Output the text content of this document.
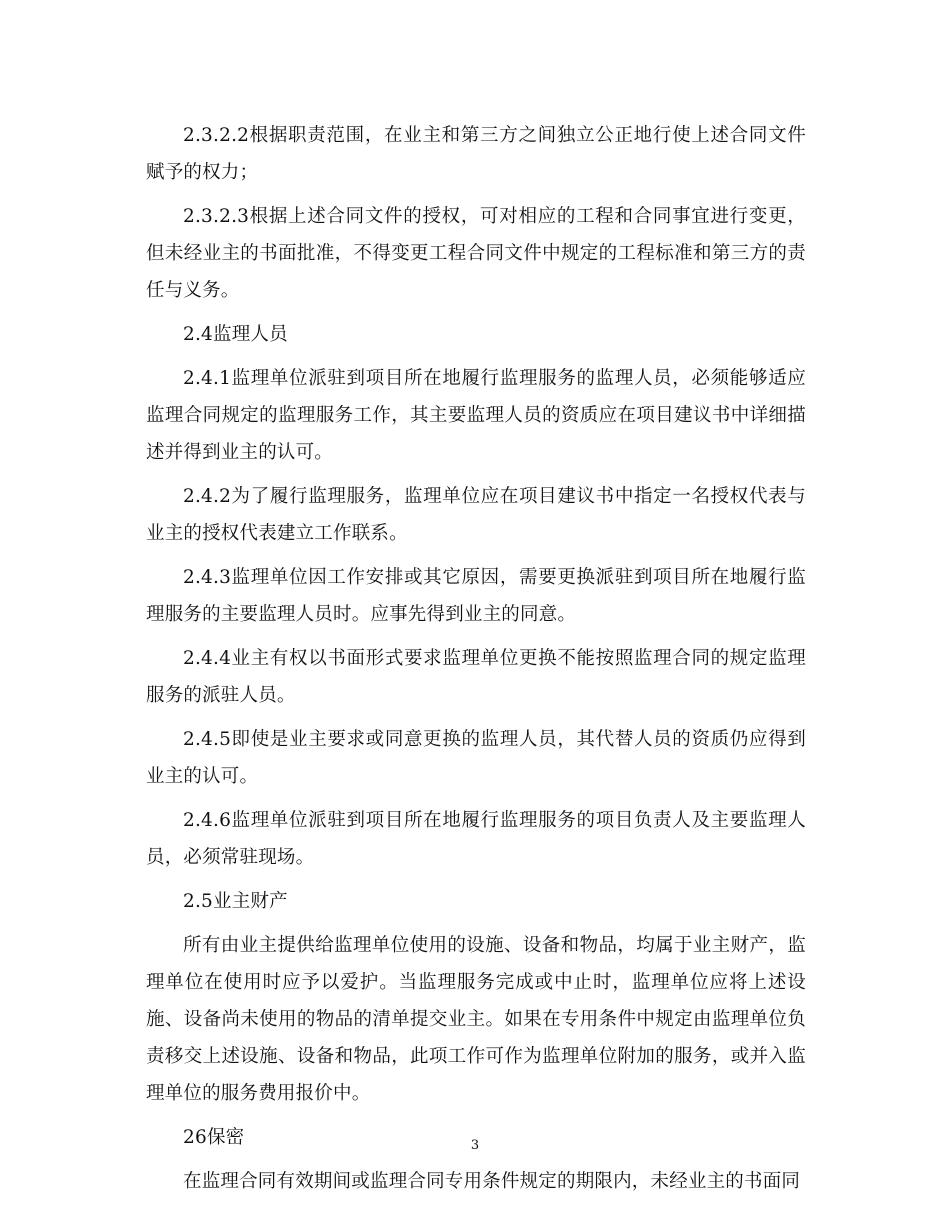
2.3.2.2根据职责范围，在业主和第三方之间独立公正地行使上述合同文件赋予的权力；

2.3.2.3根据上述合同文件的授权，可对相应的工程和合同事宜进行变更，但未经业主的书面批准，不得变更工程合同文件中规定的工程标准和第三方的责任与义务。

2.4监理人员

2.4.1监理单位派驻到项目所在地履行监理服务的监理人员，必须能够适应监理合同规定的监理服务工作，其主要监理人员的资质应在项目建议书中详细描述并得到业主的认可。

2.4.2为了履行监理服务，监理单位应在项目建议书中指定一名授权代表与业主的授权代表建立工作联系。

2.4.3监理单位因工作安排或其它原因，需要更换派驻到项目所在地履行监理服务的主要监理人员时。应事先得到业主的同意。

2.4.4业主有权以书面形式要求监理单位更换不能按照监理合同的规定监理服务的派驻人员。

2.4.5即使是业主要求或同意更换的监理人员，其代替人员的资质仍应得到业主的认可。

2.4.6监理单位派驻到项目所在地履行监理服务的项目负责人及主要监理人员，必须常驻现场。

2.5业主财产

所有由业主提供给监理单位使用的设施、设备和物品，均属于业主财产，监理单位在使用时应予以爱护。当监理服务完成或中止时，监理单位应将上述设施、设备尚未使用的物品的清单提交业主。如果在专用条件中规定由监理单位负责移交上述设施、设备和物品，此项工作可作为监理单位附加的服务，或并入监理单位的服务费用报价中。

26保密

在监理合同有效期间或监理合同专用条件规定的期限内，未经业主的书面同

3
